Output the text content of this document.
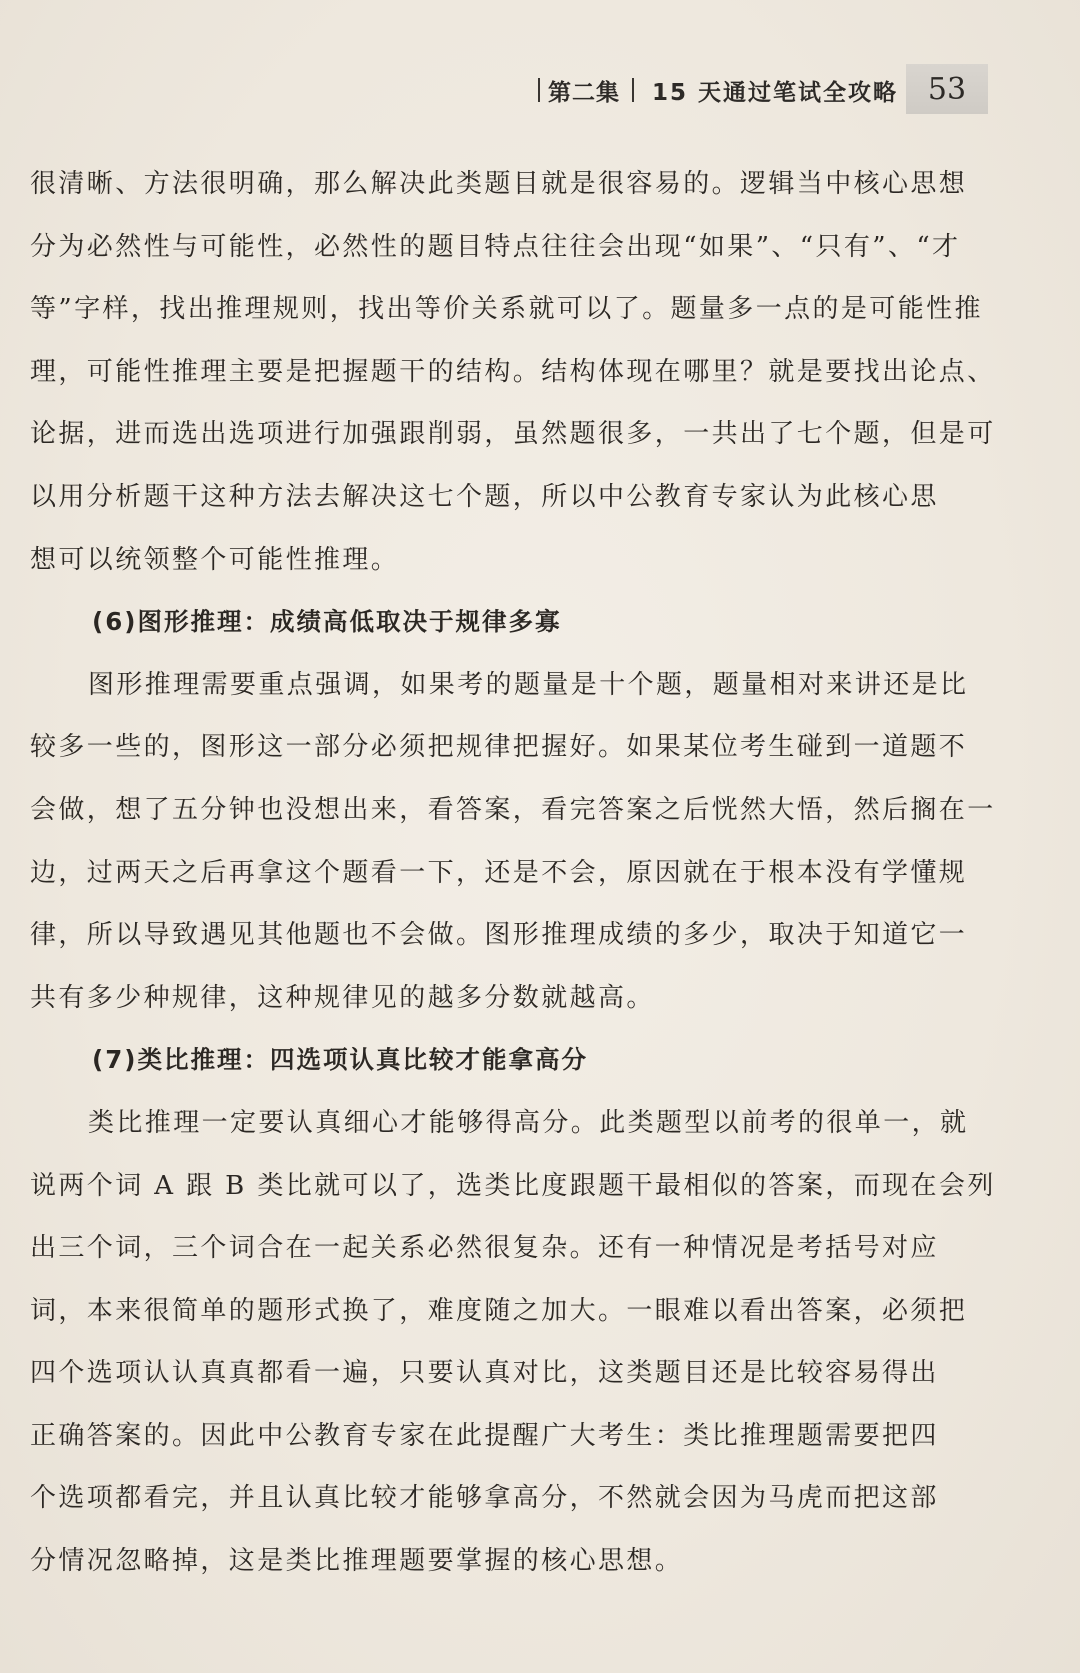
第二集 15 天通过笔试全攻略 53
很清晰、方法很明确，那么解决此类题目就是很容易的。逻辑当中核心思想
分为必然性与可能性，必然性的题目特点往往会出现“如果”、“只有”、“才
等”字样，找出推理规则，找出等价关系就可以了。题量多一点的是可能性推
理，可能性推理主要是把握题干的结构。结构体现在哪里？就是要找出论点、
论据，进而选出选项进行加强跟削弱，虽然题很多，一共出了七个题，但是可
以用分析题干这种方法去解决这七个题，所以中公教育专家认为此核心思
想可以统领整个可能性推理。
(6)图形推理：成绩高低取决于规律多寡
图形推理需要重点强调，如果考的题量是十个题，题量相对来讲还是比
较多一些的，图形这一部分必须把规律把握好。如果某位考生碰到一道题不
会做，想了五分钟也没想出来，看答案，看完答案之后恍然大悟，然后搁在一
边，过两天之后再拿这个题看一下，还是不会，原因就在于根本没有学懂规
律，所以导致遇见其他题也不会做。图形推理成绩的多少，取决于知道它一
共有多少种规律，这种规律见的越多分数就越高。
(7)类比推理：四选项认真比较才能拿高分
类比推理一定要认真细心才能够得高分。此类题型以前考的很单一，就
说两个词 A 跟 B 类比就可以了，选类比度跟题干最相似的答案，而现在会列
出三个词，三个词合在一起关系必然很复杂。还有一种情况是考括号对应
词，本来很简单的题形式换了，难度随之加大。一眼难以看出答案，必须把
四个选项认认真真都看一遍，只要认真对比，这类题目还是比较容易得出
正确答案的。因此中公教育专家在此提醒广大考生：类比推理题需要把四
个选项都看完，并且认真比较才能够拿高分，不然就会因为马虎而把这部
分情况忽略掉，这是类比推理题要掌握的核心思想。
